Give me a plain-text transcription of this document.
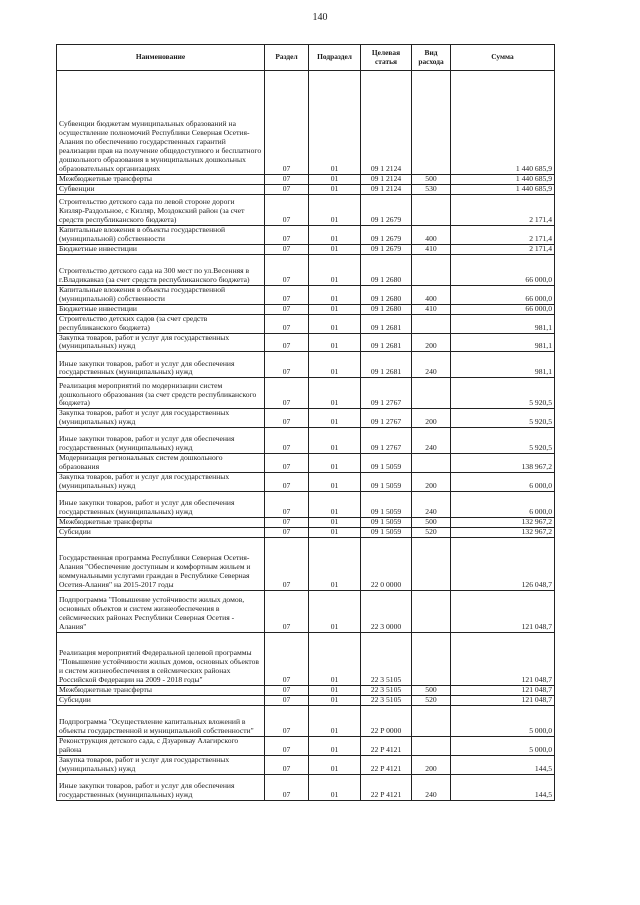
140
Наименование	Раздел	Подраздел	Целевая статья	Вид расхода	Сумма
Субвенции бюджетам муниципальных образований на осуществление полномочий Республики Северная Осетия-Алания по обеспечению государственных гарантий реализации прав на получение общедоступного и бесплатного дошкольного образования в муниципальных дошкольных образовательных организациях	07	01	09 1 2124		1 440 685,9
Межбюджетные трансферты	07	01	09 1 2124	500	1 440 685,9
Субвенции	07	01	09 1 2124	530	1 440 685,9
Строительство детского сада по левой стороне дороги Кизляр-Раздольное, с Кизляр, Моздокский район (за счет средств республиканского бюджета)	07	01	09 1 2679		2 171,4
Капитальные вложения в объекты государственной (муниципальной) собственности	07	01	09 1 2679	400	2 171,4
Бюджетные инвестиции	07	01	09 1 2679	410	2 171,4
Строительство детского сада на 300 мест по ул.Весенняя в г.Владикавказ (за счет средств республиканского бюджета)	07	01	09 1 2680		66 000,0
Капитальные вложения в объекты государственной (муниципальной) собственности	07	01	09 1 2680	400	66 000,0
Бюджетные инвестиции	07	01	09 1 2680	410	66 000,0
Строительство детских садов (за счет средств республиканского бюджета)	07	01	09 1 2681		981,1
Закупка товаров, работ и услуг для государственных (муниципальных) нужд	07	01	09 1 2681	200	981,1
Иные закупки товаров, работ и услуг для обеспечения государственных (муниципальных) нужд	07	01	09 1 2681	240	981,1
Реализация мероприятий по модернизации систем дошкольного образования (за счет средств республиканского бюджета)	07	01	09 1 2767		5 920,5
Закупка товаров, работ и услуг для государственных (муниципальных) нужд	07	01	09 1 2767	200	5 920,5
Иные закупки товаров, работ и услуг для обеспечения государственных (муниципальных) нужд	07	01	09 1 2767	240	5 920,5
Модернизация региональных систем дошкольного образования	07	01	09 1 5059		138 967,2
Закупка товаров, работ и услуг для государственных (муниципальных) нужд	07	01	09 1 5059	200	6 000,0
Иные закупки товаров, работ и услуг для обеспечения государственных (муниципальных) нужд	07	01	09 1 5059	240	6 000,0
Межбюджетные трансферты	07	01	09 1 5059	500	132 967,2
Субсидии	07	01	09 1 5059	520	132 967,2
Государственная программа Республики Северная Осетия-Алания "Обеспечение доступным и комфортным жильем и коммунальными услугами граждан в Республике Северная Осетия-Алания" на 2015-2017 годы	07	01	22 0 0000		126 048,7
Подпрограмма "Повышение устойчивости жилых домов, основных объектов и систем жизнеобеспечения в сейсмических районах Республики Северная Осетия - Алания"	07	01	22 3 0000		121 048,7
Реализация мероприятий Федеральной целевой программы "Повышение устойчивости жилых домов, основных объектов и систем жизнеобеспечения в сейсмических районах Российской Федерации на 2009 - 2018 годы"	07	01	22 3 5105		121 048,7
Межбюджетные трансферты	07	01	22 3 5105	500	121 048,7
Субсидии	07	01	22 3 5105	520	121 048,7
Подпрограмма "Осуществление капитальных вложений в объекты государственной и муниципальной собственности"	07	01	22 P 0000		5 000,0
Реконструкция детского сада, с Дзуарикау Алагирского района	07	01	22 P 4121		5 000,0
Закупка товаров, работ и услуг для государственных (муниципальных) нужд	07	01	22 P 4121	200	144,5
Иные закупки товаров, работ и услуг для обеспечения государственных (муниципальных) нужд	07	01	22 P 4121	240	144,5
